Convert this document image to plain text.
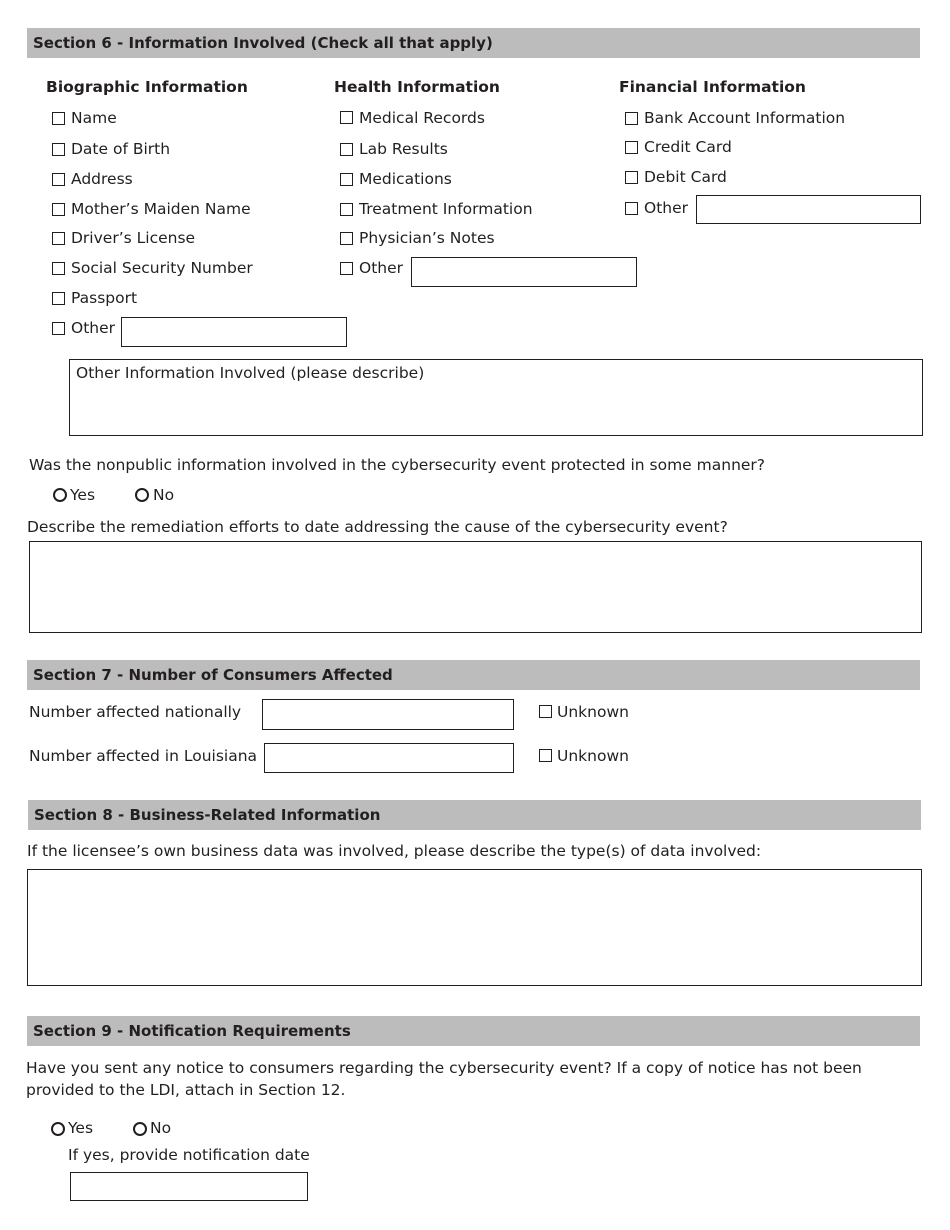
Section 6 - Information Involved (Check all that apply)
Biographic Information
Name
Date of Birth
Address
Mother’s Maiden Name
Driver’s License
Social Security Number
Passport
Other
Health Information
Medical Records
Lab Results
Medications
Treatment Information
Physician’s Notes
Other
Financial Information
Bank Account Information
Credit Card
Debit Card
Other
Other Information Involved (please describe)
Was the nonpublic information involved in the cybersecurity event protected in some manner?
Yes	No
Describe the remediation efforts to date addressing the cause of the cybersecurity event?
Section 7 - Number of Consumers Affected
Number affected nationally	Unknown
Number affected in Louisiana	Unknown
Section 8 - Business-Related Information
If the licensee’s own business data was involved, please describe the type(s) of data involved:
Section 9 - Notification Requirements
Have you sent any notice to consumers regarding the cybersecurity event? If a copy of notice has not been provided to the LDI, attach in Section 12.
Yes	No
If yes, provide notification date
